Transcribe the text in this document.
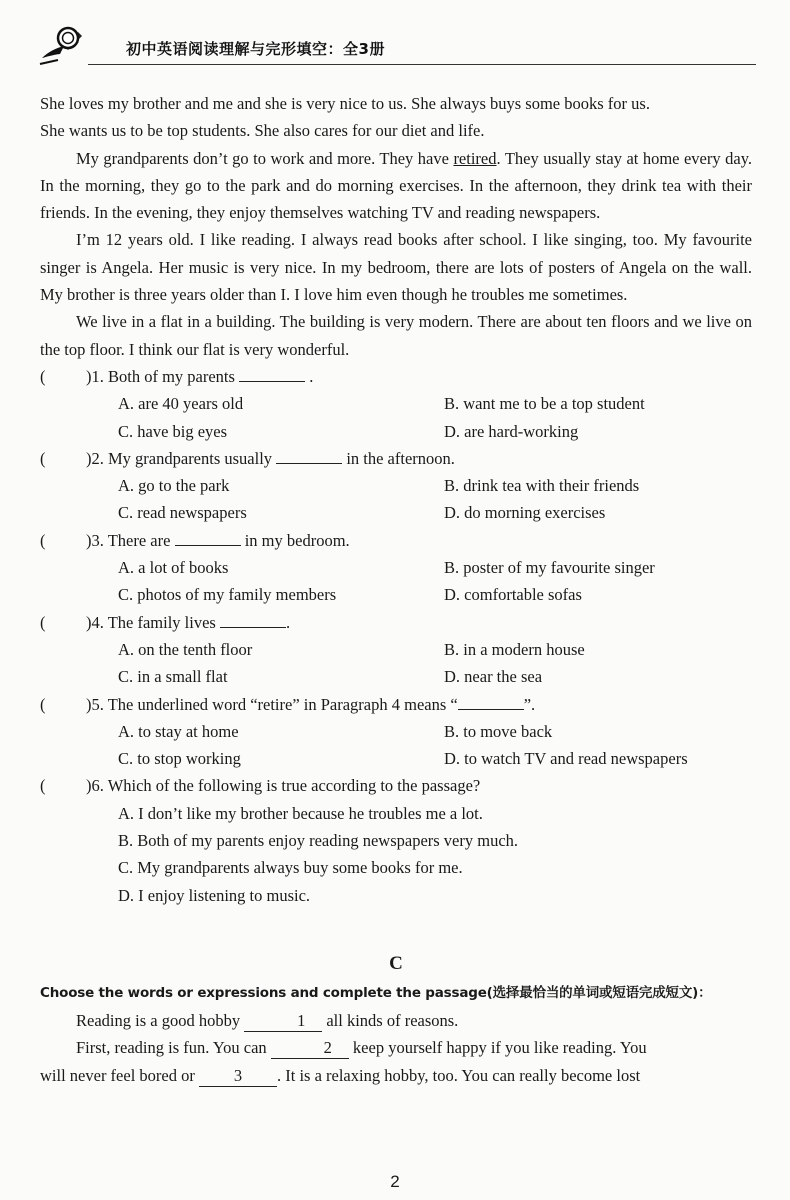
初中英语阅读理解与完形填空：全3册

She loves my brother and me and she is very nice to us. She always buys some books for us.

She wants us to be top students. She also cares for our diet and life.

My grandparents don’t go to work and more. They have retired. They usually stay at home every day. In the morning, they go to the park and do morning exercises. In the afternoon, they drink tea with their friends. In the evening, they enjoy themselves watching TV and reading newspapers.

I’m 12 years old. I like reading. I always read books after school. I like singing, too. My favourite singer is Angela. Her music is very nice. In my bedroom, there are lots of posters of Angela on the wall. My brother is three years older than I. I love him even though he troubles me sometimes.

We live in a flat in a building. The building is very modern. There are about ten floors and we live on the top floor. I think our flat is very wonderful.

( )1. Both of my parents	.
A. are 40 years old	B. want me to be a top student
C. have big eyes	D. are hard-working
( )2. My grandparents usually	in the afternoon.
A. go to the park	B. drink tea with their friends
C. read newspapers	D. do morning exercises
( )3. There are	in my bedroom.
A. a lot of books	B. poster of my favourite singer
C. photos of my family members	D. comfortable sofas
( )4. The family lives	.
A. on the tenth floor	B. in a modern house
C. in a small flat	D. near the sea
( )5. The underlined word “retire” in Paragraph 4 means “	”.
A. to stay at home	B. to move back
C. to stop working	D. to watch TV and read newspapers
( )6. Which of the following is true according to the passage?
A. I don’t like my brother because he troubles me a lot.
B. Both of my parents enjoy reading newspapers very much.
C. My grandparents always buy some books for me.
D. I enjoy listening to music.
C
Choose the words or expressions and complete the passage(选择最恰当的单词或短语完成短文)：

Reading is a good hobby	1 all kinds of reasons.

First, reading is fun. You can	2 keep yourself happy if you like reading. You

will never feel bored or 3 . It is a relaxing hobby, too. You can really become lost

2
